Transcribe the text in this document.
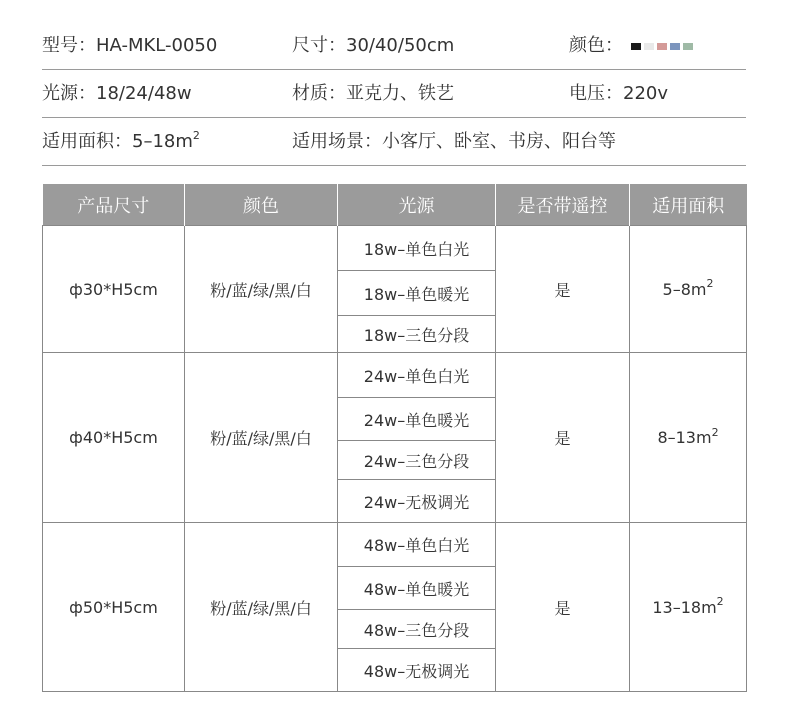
型号：HA-MKL-0050	尺寸：30/40/50cm	颜色：
光源：18/24/48w	材质：亚克力、铁艺	电压：220v
适用面积：$5-18m^2$	适用场景：小客厅、卧室、书房、阳台等
产品尺寸	颜色	光源	是否带遥控	适用面积
ф30*H5cm	粉/蓝/绿/黑/白	18w–单色白光	是	$5-8m^2$
		18w–单色暖光		
		18w–三色分段		
ф40*H5cm	粉/蓝/绿/黑/白	24w–单色白光	是	$8-13m^2$
		24w–单色暖光		
		24w–三色分段		
		24w–无极调光		
ф50*H5cm	粉/蓝/绿/黑/白	48w–单色白光	是	$13-18m^2$
		48w–单色暖光		
		48w–三色分段		
		48w–无极调光		
